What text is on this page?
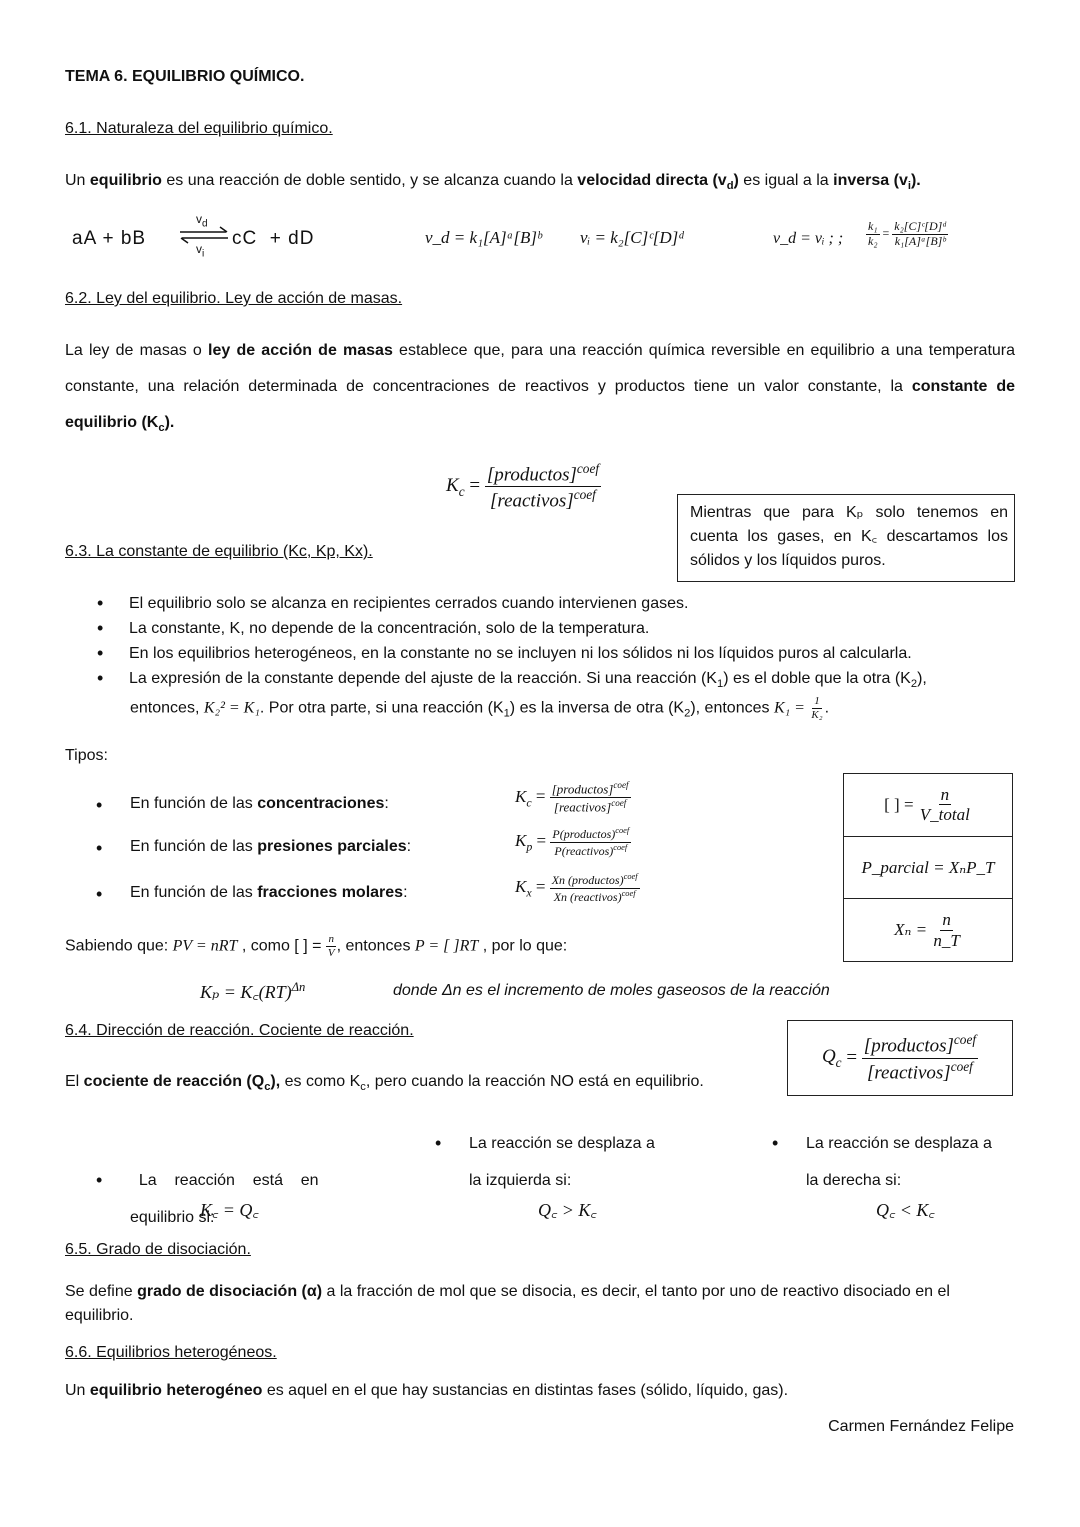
TEMA 6. EQUILIBRIO QUÍMICO.
6.1. Naturaleza del equilibrio químico.
Un equilibrio es una reacción de doble sentido, y se alcanza cuando la velocidad directa $(v_d)$ es igual a la inversa $(v_i)$.
aA + bB
$v_d$
$v_i$
cC  + dD	v_d = k₁[A]ᵃ[B]ᵇ vᵢ = k₂[C]ᶜ[D]ᵈ	v_d = vᵢ ; ; $\frac{\text{k₁}}{\text{k₂}} = \frac{\text{k₂[C]ᶜ[D]ᵈ}}{\text{k₁[A]ᵃ[B]ᵇ}}$
6.2. Ley del equilibrio. Ley de acción de masas.
La ley de masas o ley de acción de masas establece que, para una reacción química reversible en equilibrio a una temperatura constante, una relación determinada de concentraciones de reactivos y productos tiene un valor constante, la constante de equilibrio $(K_c)$.
$K_c = \frac{[productos]^{coef}}{[reactivos]^{coef}}$
Mientras que para Kₚ solo tenemos en cuenta los gases, en K꜀ descartamos los sólidos y los líquidos puros.
6.3. La constante de equilibrio (Kc, Kp, Kx).
• El equilibrio solo se alcanza en recipientes cerrados cuando intervienen gases.
• La constante, K, no depende de la concentración, solo de la temperatura.
• En los equilibrios heterogéneos, en la constante no se incluyen ni los sólidos ni los líquidos puros al calcularla.
• La expresión de la constante depende del ajuste de la reacción. Si una reacción $(K_1)$ es el doble que la otra $(K_2)$,
entonces, K₂² = K₁. Por otra parte, si una reacción $(K_1)$ es la inversa de otra $(K_2)$, entonces $K_1 = \frac{1}{\text{K₂}}$ .
Tipos:
En función de las concentraciones:	$K_c = \frac{[productos]^{coef}}{[reactivos]^{coef}}$
En función de las presiones parciales:	$K_p = \frac{P(productos)^{coef}}{P(reactivos)^{coef}}$
En función de las fracciones molares:	$K_x = \frac{Xn (productos)^{coef}}{Xn (reactivos)^{coef}}$
[ ] =
$\frac{n}{\text{V\_total}}$
P_parcial = XₙP_T
Xₙ =
$\frac{n}{n\_T}$
Sabiendo que: PV = nRT , como [ ] = $\frac{n}{V}$ , entonces P = [ ]RT , por lo que:
Kₚ = K꜀(RT)$^{\Delta n}$	donde Δn es el incremento de moles gaseosos de la reacción
6.4. Dirección de reacción. Cociente de reacción.
El cociente de reacción $(Q_c)$, es como $K_c$, pero cuando la reacción NO está en equilibrio.
$Q_c = \frac{[productos]^{coef}}{[reactivos]^{coef}}$

La    reacción    está    en
equilibrio si:

K꜀ = Q꜀
La reacción se desplaza a
la izquierda si:
Q꜀ > K꜀
La reacción se desplaza a
la derecha si:
Q꜀ < K꜀
6.5. Grado de disociación.
Se define grado de disociación (α) a la fracción de mol que se disocia, es decir, el tanto por uno de reactivo disociado en el equilibrio.
6.6. Equilibrios heterogéneos.
Un equilibrio heterogéneo es aquel en el que hay sustancias en distintas fases (sólido, líquido, gas).
Carmen Fernández Felipe
